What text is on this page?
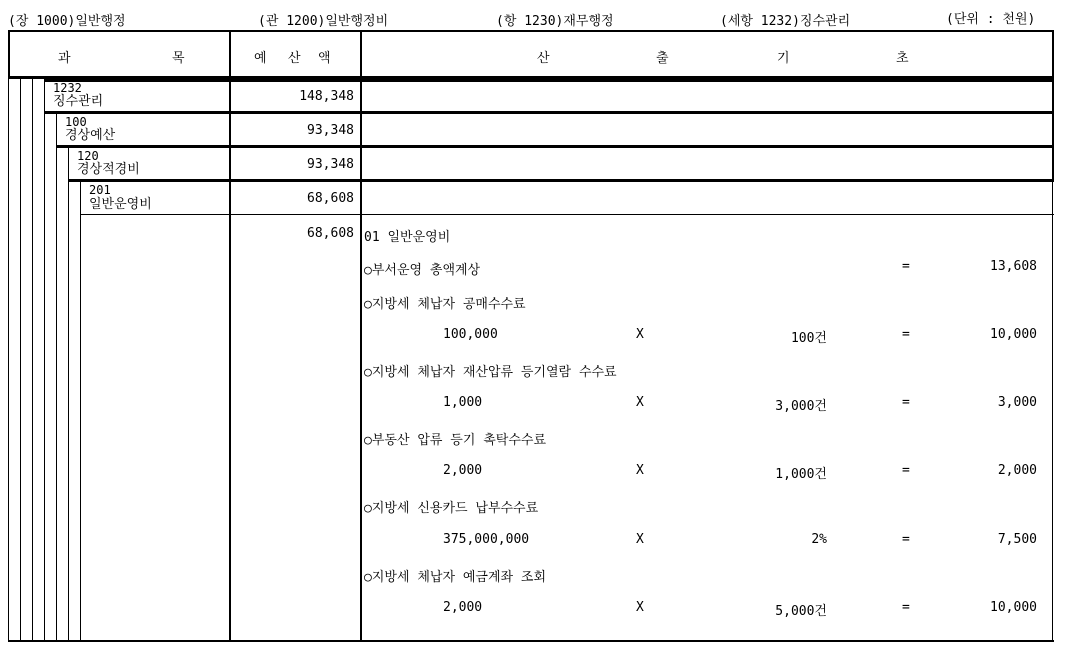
(장 1000)일반행정	(관 1200)일반행정비	(항 1230)재무행정	(세항 1232)징수관리	(단위 : 천원)
과	목	예 산 액	산	출	기	초
1232
징수관리	148,348
100
경상예산	93,348
120
경상적경비	93,348
201
일반운영비	68,608
68,608 01 일반운영비
○부서운영 총액계상	=	13,608
○지방세 체납자 공매수수료
100,000	X	100건	=	10,000
○지방세 체납자 재산압류 등기열람 수수료
1,000	X	3,000건	=	3,000
○부동산 압류 등기 촉탁수수료
2,000	X	1,000건	=	2,000
○지방세 신용카드 납부수수료
375,000,000	X	2%	=	7,500
○지방세 체납자 예금계좌 조회
2,000	X	5,000건	=	10,000
